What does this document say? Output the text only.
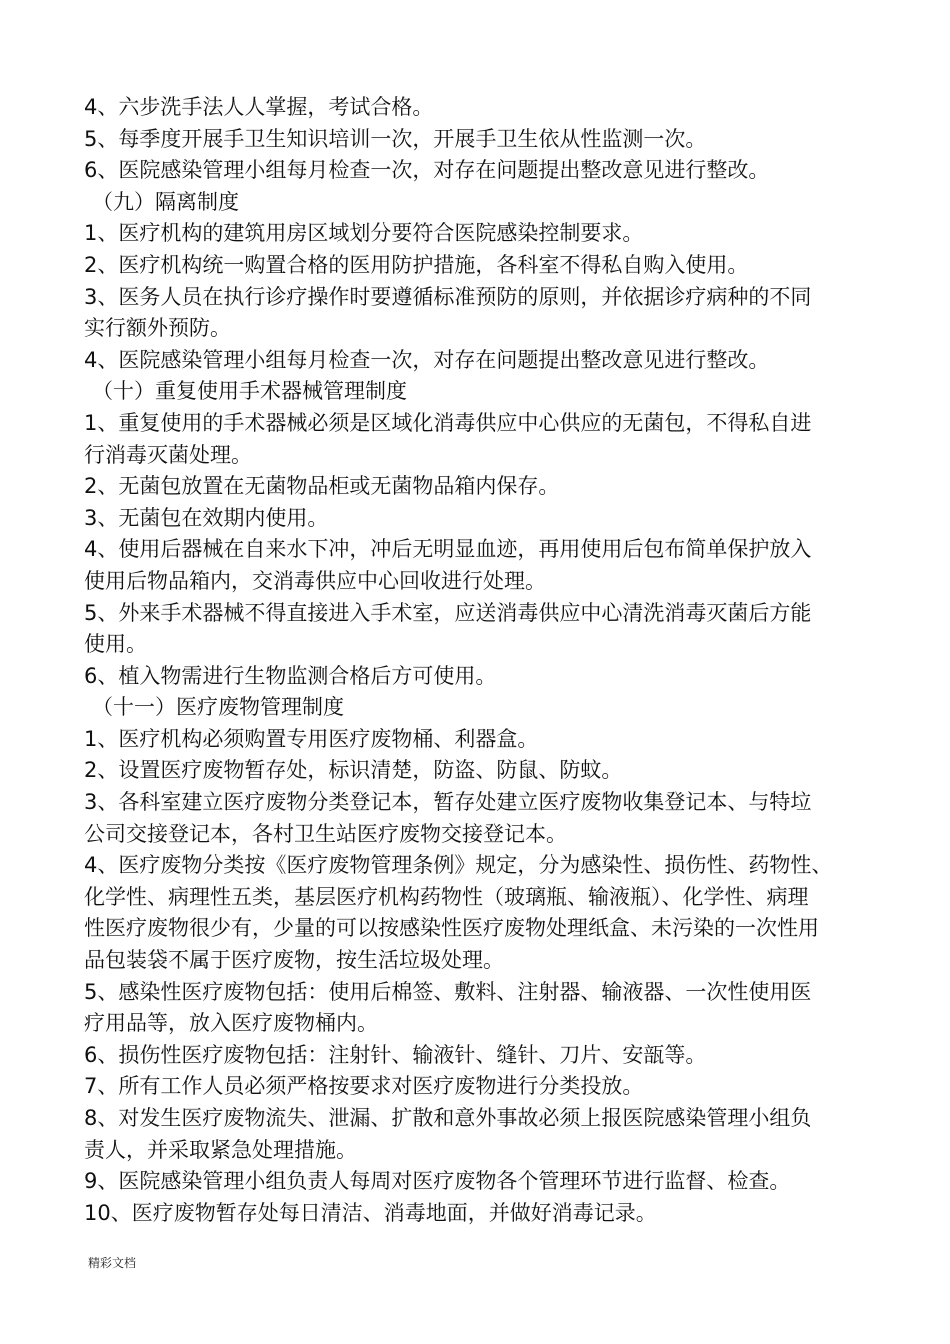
4、六步洗手法人人掌握，考试合格。
5、每季度开展手卫生知识培训一次，开展手卫生依从性监测一次。
6、医院感染管理小组每月检查一次，对存在问题提出整改意见进行整改。
（九）隔离制度
1、医疗机构的建筑用房区域划分要符合医院感染控制要求。
2、医疗机构统一购置合格的医用防护措施，各科室不得私自购入使用。
3、医务人员在执行诊疗操作时要遵循标准预防的原则，并依据诊疗病种的不同
实行额外预防。
4、医院感染管理小组每月检查一次，对存在问题提出整改意见进行整改。
（十）重复使用手术器械管理制度
1、重复使用的手术器械必须是区域化消毒供应中心供应的无菌包，不得私自进
行消毒灭菌处理。
2、无菌包放置在无菌物品柜或无菌物品箱内保存。
3、无菌包在效期内使用。
4、使用后器械在自来水下冲，冲后无明显血迹，再用使用后包布简单保护放入
使用后物品箱内，交消毒供应中心回收进行处理。
5、外来手术器械不得直接进入手术室，应送消毒供应中心清洗消毒灭菌后方能
使用。
6、植入物需进行生物监测合格后方可使用。
（十一）医疗废物管理制度
1、医疗机构必须购置专用医疗废物桶、利器盒。
2、设置医疗废物暂存处，标识清楚，防盗、防鼠、防蚊。
3、各科室建立医疗废物分类登记本，暂存处建立医疗废物收集登记本、与特垃
公司交接登记本，各村卫生站医疗废物交接登记本。
4、医疗废物分类按《医疗废物管理条例》规定，分为感染性、损伤性、药物性、
化学性、病理性五类，基层医疗机构药物性（玻璃瓶、输液瓶）、化学性、病理
性医疗废物很少有，少量的可以按感染性医疗废物处理纸盒、未污染的一次性用
品包装袋不属于医疗废物，按生活垃圾处理。
5、感染性医疗废物包括：使用后棉签、敷料、注射器、输液器、一次性使用医
疗用品等，放入医疗废物桶内。
6、损伤性医疗废物包括：注射针、输液针、缝针、刀片、安瓿等。
7、所有工作人员必须严格按要求对医疗废物进行分类投放。
8、对发生医疗废物流失、泄漏、扩散和意外事故必须上报医院感染管理小组负
责人，并采取紧急处理措施。
9、医院感染管理小组负责人每周对医疗废物各个管理环节进行监督、检查。
10、医疗废物暂存处每日清洁、消毒地面，并做好消毒记录。
精彩文档
